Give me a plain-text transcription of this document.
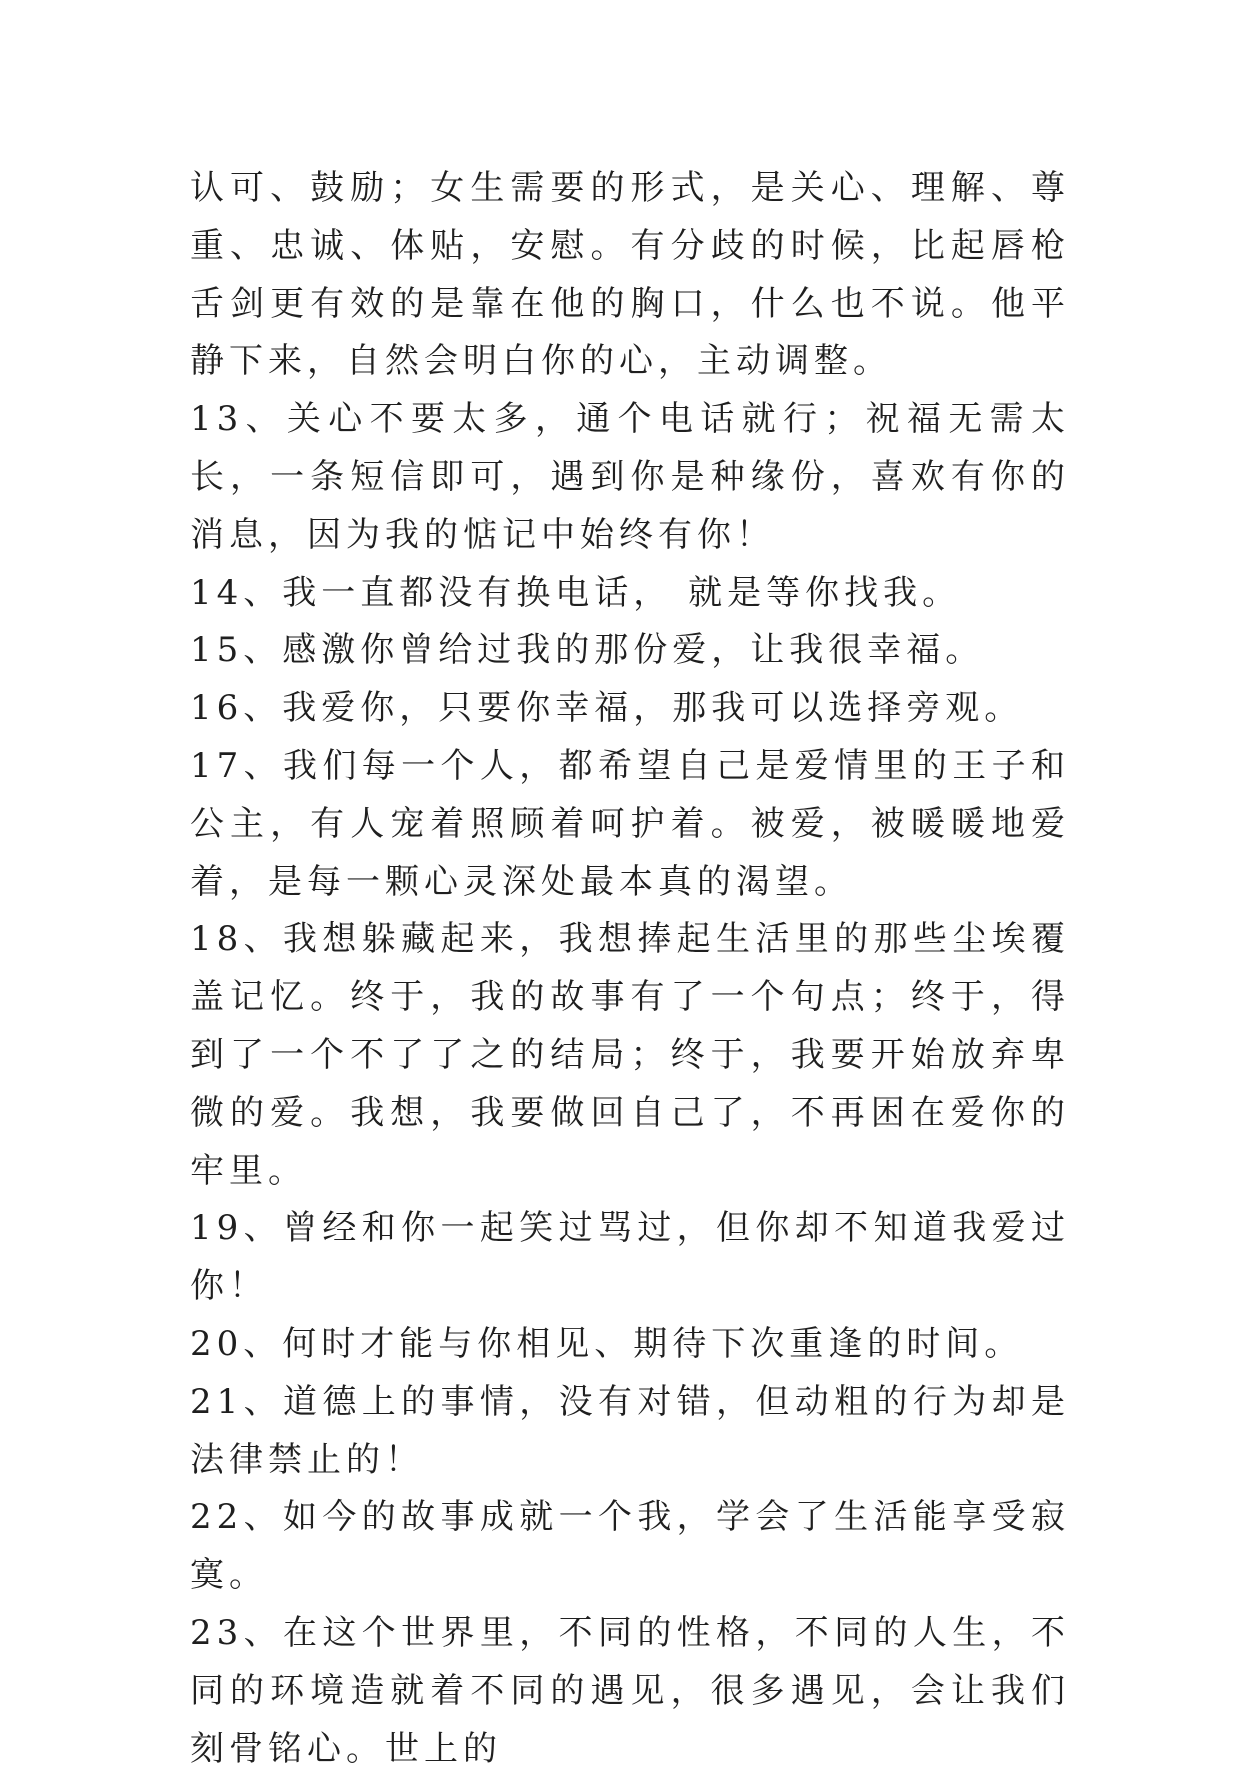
认可、鼓励；女生需要的形式，是关心、理解、尊重、忠诚、体贴，安慰。有分歧的时候，比起唇枪舌剑更有效的是靠在他的胸口，什么也不说。他平静下来，自然会明白你的心，主动调整。

13、关心不要太多，通个电话就行；祝福无需太长，一条短信即可，遇到你是种缘份，喜欢有你的消息，因为我的惦记中始终有你！

14、我一直都没有换电话， 就是等你找我。

15、感激你曾给过我的那份爱，让我很幸福。

16、我爱你，只要你幸福，那我可以选择旁观。

17、我们每一个人，都希望自己是爱情里的王子和公主，有人宠着照顾着呵护着。被爱，被暖暖地爱着，是每一颗心灵深处最本真的渴望。

18、我想躲藏起来，我想捧起生活里的那些尘埃覆盖记忆。终于，我的故事有了一个句点；终于，得到了一个不了了之的结局；终于，我要开始放弃卑微的爱。我想，我要做回自己了，不再困在爱你的牢里。

19、曾经和你一起笑过骂过，但你却不知道我爱过你！

20、何时才能与你相见、期待下次重逢的时间。

21、道德上的事情，没有对错，但动粗的行为却是法律禁止的！

22、如今的故事成就一个我，学会了生活能享受寂寞。

23、在这个世界里，不同的性格，不同的人生，不同的环境造就着不同的遇见，很多遇见，会让我们刻骨铭心。世上的
